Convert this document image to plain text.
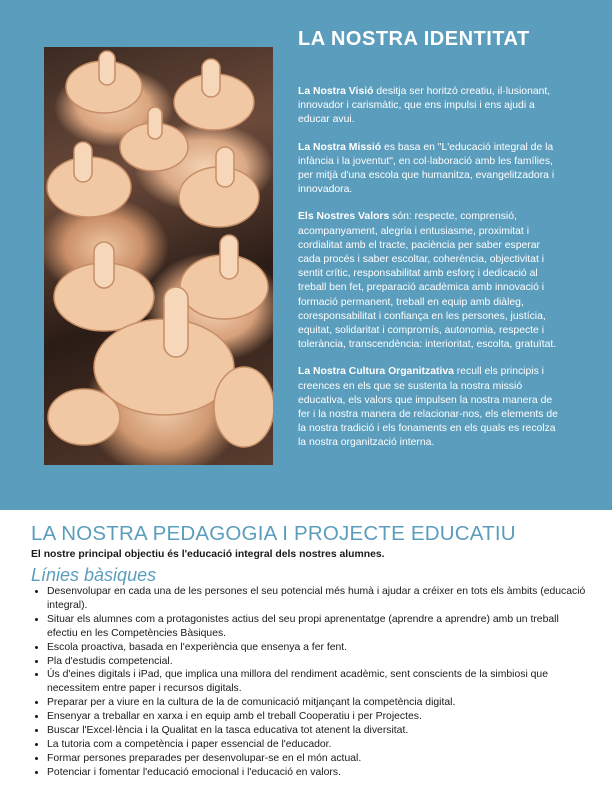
LA NOSTRA IDENTITAT

La Nostra Visió desitja ser horitzó creatiu, il·lusionant, innovador i carismàtic, que ens impulsi i ens ajudi a educar avui.

La Nostra Missió es basa en "L'educació integral de la infància i la joventut", en col·laboració amb les famílies, per mitjà d'una escola que humanitza, evangelitzadora i innovadora.

Els Nostres Valors són: respecte, comprensió, acompanyament, alegria i entusiasme, proximitat i cordialitat amb el tracte, paciència per saber esperar cada procés i saber escoltar, coherència, objectivitat i sentit crític, responsabilitat amb esforç i dedicació al treball ben fet, preparació acadèmica amb innovació i formació permanent, treball en equip amb diàleg, coresponsabilitat i confiança en les persones, justícia, equitat, solidaritat i compromís, autonomia, respecte i tolerància, transcendència: interioritat, escolta, gratuïtat.

La Nostra Cultura Organitzativa recull els principis i creences en els que se sustenta la nostra missió educativa, els valors que impulsen la nostra manera de fer i la nostra manera de relacionar-nos, els elements de la nostra tradició i els fonaments en els quals es recolza la nostra organització interna.

LA NOSTRA PEDAGOGIA I PROJECTE EDUCATIU
El nostre principal objectiu és l'educació integral dels nostres alumnes.
Línies bàsiques
• Desenvolupar en cada una de les persones el seu potencial més humà i ajudar a créixer en tots els àmbits (educació integral).
• Situar els alumnes com a protagonistes actius del seu propi aprenentatge (aprendre a aprendre) amb un treball efectiu en les Competències Bàsiques.
• Escola proactiva, basada en l'experiència que ensenya a fer fent.
• Pla d'estudis competencial.
• Ús d'eines digitals i iPad, que implica una millora del rendiment acadèmic, sent conscients de la simbiosi que necessitem entre paper i recursos digitals.
• Preparar per a viure en la cultura de la de comunicació mitjançant la competència digital.
• Ensenyar a treballar en xarxa i en equip amb el treball Cooperatiu i per Projectes.
• Buscar l'Excel·lència i la Qualitat en la tasca educativa tot atenent la diversitat.
• La tutoria com a competència i paper essencial de l'educador.
• Formar persones preparades per desenvolupar-se en el món actual.
• Potenciar i fomentar l'educació emocional i l'educació en valors.
